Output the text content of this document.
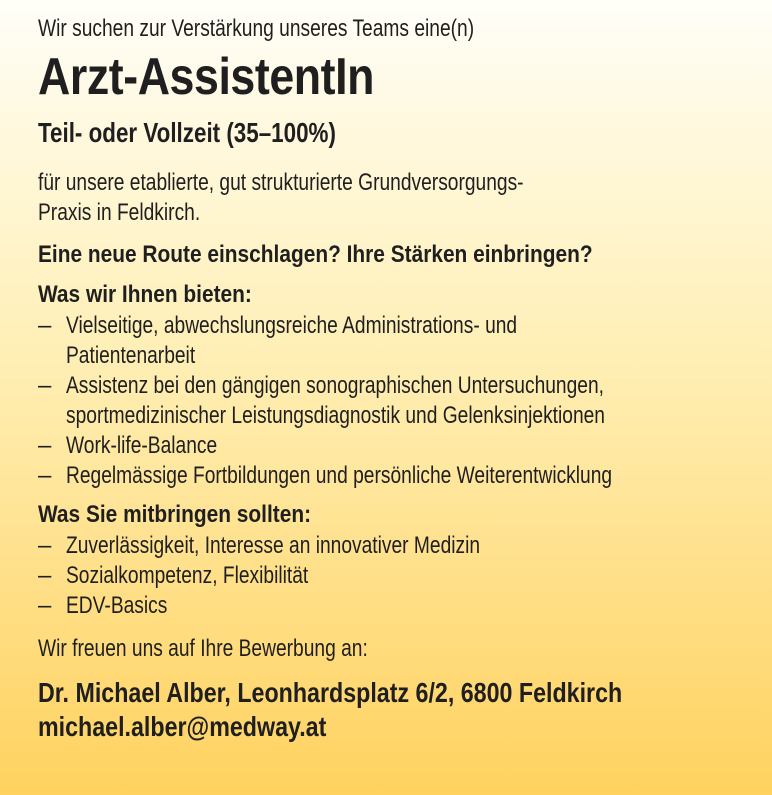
Wir suchen zur Verstärkung unseres Teams eine(n)
Arzt-AssistentIn
Teil- oder Vollzeit (35–100%)
für unsere etablierte, gut strukturierte Grundversorgungs-
Praxis in Feldkirch.
Eine neue Route einschlagen? Ihre Stärken einbringen?
Was wir Ihnen bieten:
– Vielseitige, abwechslungsreiche Administrations- und
Patientenarbeit
– Assistenz bei den gängigen sonographischen Untersuchungen,
sportmedizinischer Leistungsdiagnostik und Gelenksinjektionen
– Work-life-Balance
– Regelmässige Fortbildungen und persönliche Weiterentwicklung
Was Sie mitbringen sollten:
– Zuverlässigkeit, Interesse an innovativer Medizin
– Sozialkompetenz, Flexibilität
– EDV-Basics
Wir freuen uns auf Ihre Bewerbung an:
Dr. Michael Alber, Leonhardsplatz 6/2, 6800 Feldkirch
michael.alber@medway.at
